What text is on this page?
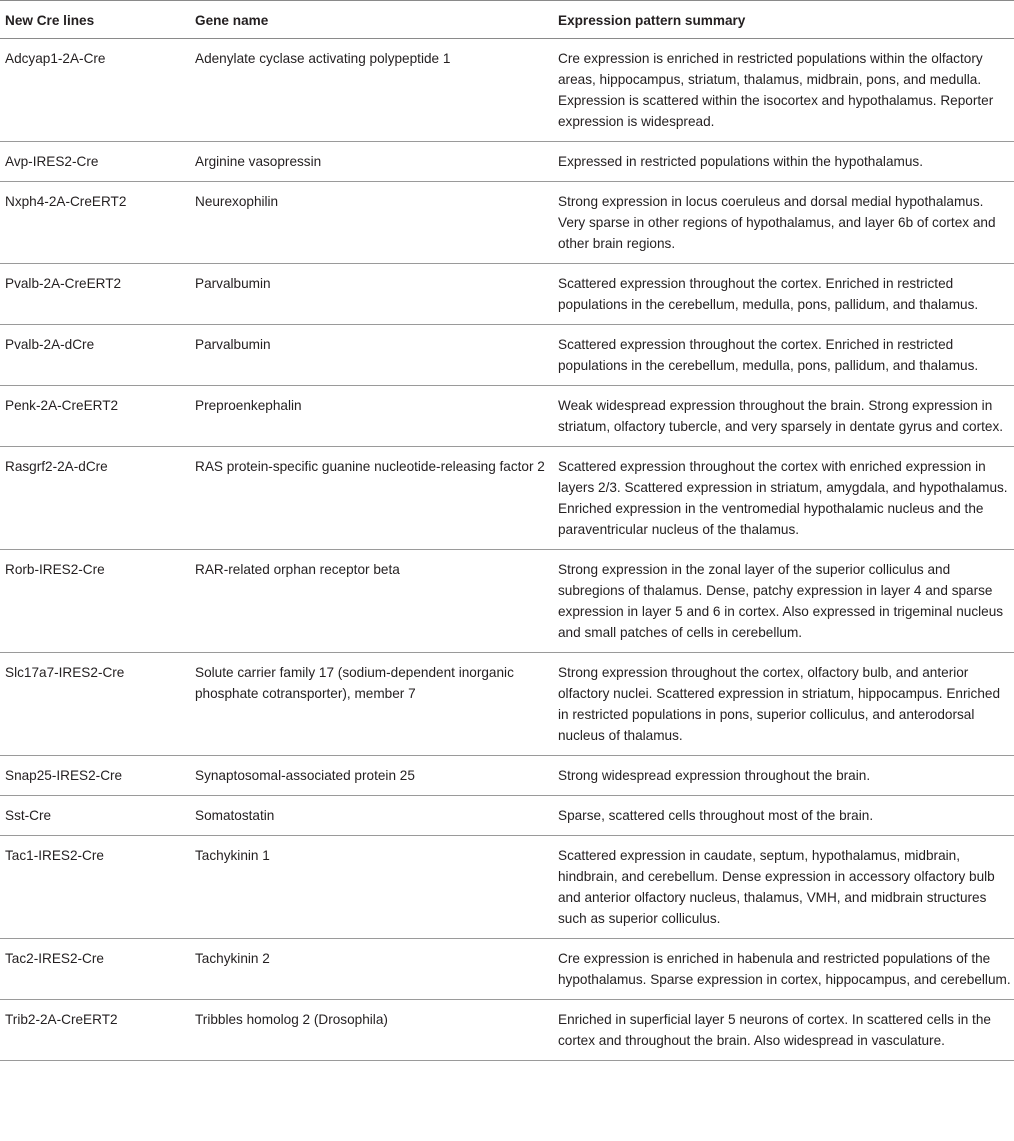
New Cre lines	Gene name	Expression pattern summary
Adcyap1-2A-Cre	Adenylate cyclase activating polypeptide 1	Cre expression is enriched in restricted populations within the olfactory areas, hippocampus, striatum, thalamus, midbrain, pons, and medulla. Expression is scattered within the isocortex and hypothalamus. Reporter expression is widespread.
Avp-IRES2-Cre	Arginine vasopressin	Expressed in restricted populations within the hypothalamus.
Nxph4-2A-CreERT2	Neurexophilin	Strong expression in locus coeruleus and dorsal medial hypothalamus. Very sparse in other regions of hypothalamus, and layer 6b of cortex and other brain regions.
Pvalb-2A-CreERT2	Parvalbumin	Scattered expression throughout the cortex. Enriched in restricted populations in the cerebellum, medulla, pons, pallidum, and thalamus.
Pvalb-2A-dCre	Parvalbumin	Scattered expression throughout the cortex. Enriched in restricted populations in the cerebellum, medulla, pons, pallidum, and thalamus.
Penk-2A-CreERT2	Preproenkephalin	Weak widespread expression throughout the brain. Strong expression in striatum, olfactory tubercle, and very sparsely in dentate gyrus and cortex.
Rasgrf2-2A-dCre	RAS protein-specific guanine nucleotide-releasing factor 2	Scattered expression throughout the cortex with enriched expression in layers 2/3. Scattered expression in striatum, amygdala, and hypothalamus. Enriched expression in the ventromedial hypothalamic nucleus and the paraventricular nucleus of the thalamus.
Rorb-IRES2-Cre	RAR-related orphan receptor beta	Strong expression in the zonal layer of the superior colliculus and subregions of thalamus. Dense, patchy expression in layer 4 and sparse expression in layer 5 and 6 in cortex. Also expressed in trigeminal nucleus and small patches of cells in cerebellum.
Slc17a7-IRES2-Cre	Solute carrier family 17 (sodium-dependent inorganic phosphate cotransporter), member 7	Strong expression throughout the cortex, olfactory bulb, and anterior olfactory nuclei. Scattered expression in striatum, hippocampus. Enriched in restricted populations in pons, superior colliculus, and anterodorsal nucleus of thalamus.
Snap25-IRES2-Cre	Synaptosomal-associated protein 25	Strong widespread expression throughout the brain.
Sst-Cre	Somatostatin	Sparse, scattered cells throughout most of the brain.
Tac1-IRES2-Cre	Tachykinin 1	Scattered expression in caudate, septum, hypothalamus, midbrain, hindbrain, and cerebellum. Dense expression in accessory olfactory bulb and anterior olfactory nucleus, thalamus, VMH, and midbrain structures such as superior colliculus.
Tac2-IRES2-Cre	Tachykinin 2	Cre expression is enriched in habenula and restricted populations of the hypothalamus. Sparse expression in cortex, hippocampus, and cerebellum.
Trib2-2A-CreERT2	Tribbles homolog 2 (Drosophila)	Enriched in superficial layer 5 neurons of cortex. In scattered cells in the cortex and throughout the brain. Also widespread in vasculature.
